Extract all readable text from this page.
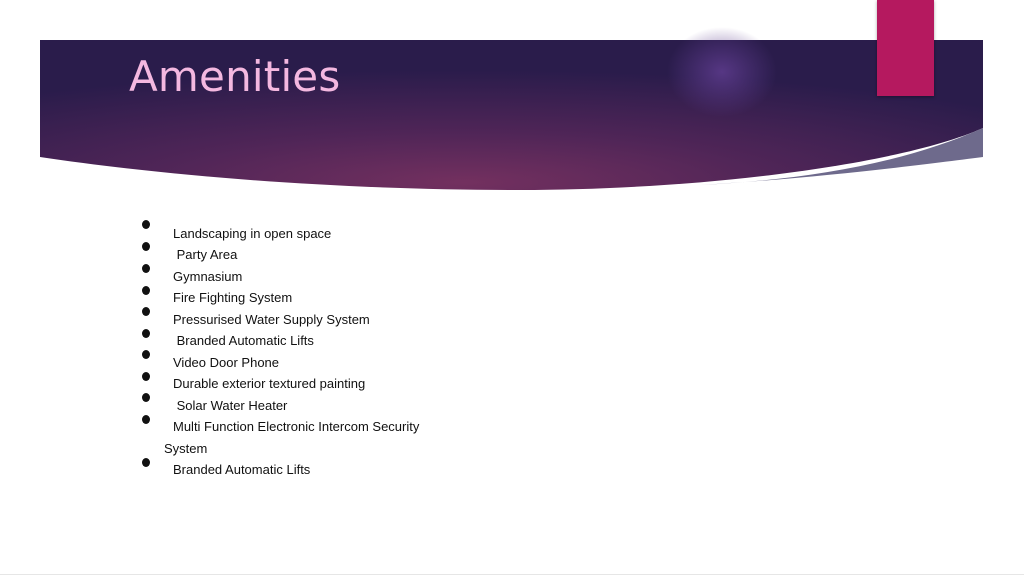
Amenities
Landscaping in open space
Party Area
Gymnasium
Fire Fighting System
Pressurised Water Supply System
Branded Automatic Lifts
Video Door Phone
Durable exterior textured painting
Solar Water Heater
Multi Function Electronic Intercom Security
System
Branded Automatic Lifts
